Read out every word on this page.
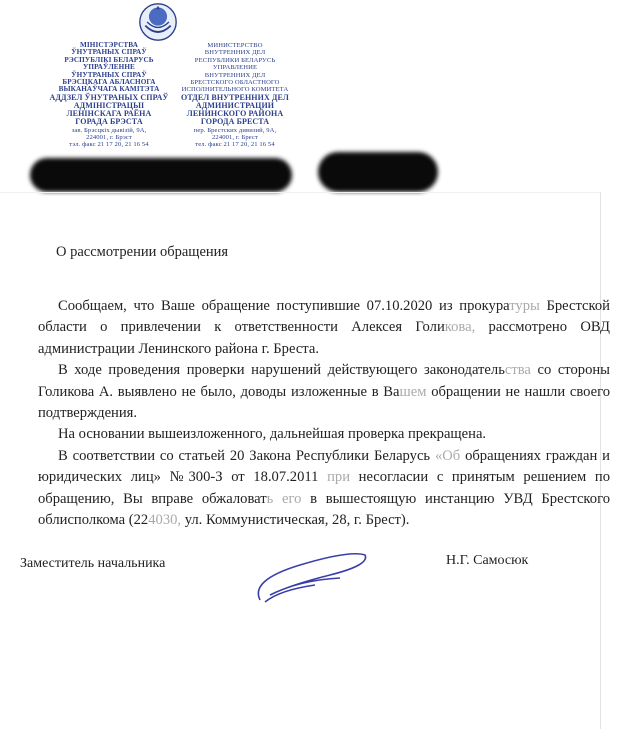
МІНІСТЭРСТВА
ЎНУТРАНЫХ СПРАЎ
РЭСПУБЛІКІ БЕЛАРУСЬ
УПРАЎЛЕННЕ
ЎНУТРАНЫХ СПРАЎ
БРЭСЦКАГА АБЛАСНОГА
ВЫКАНАЎЧАГА КАМІТЭТА
АДДЗЕЛ ЎНУТРАНЫХ СПРАЎ
АДМІНІСТРАЦЫІ
ЛЕНІНСКАГА РАЁНА
ГОРАДА БРЭСТА
зав. Брэсцкіх дывізій, 9А,
224001, г. Брэст
тэл. факс 21 17 20, 21 16 54
МИНИСТЕРСТВО
ВНУТРЕННИХ ДЕЛ
РЕСПУБЛИКИ БЕЛАРУСЬ
УПРАВЛЕНИЕ
ВНУТРЕННИХ ДЕЛ
БРЕСТСКОГО ОБЛАСТНОГО
ИСПОЛНИТЕЛЬНОГО КОМИТЕТА
ОТДЕЛ ВНУТРЕННИХ ДЕЛ
АДМИНИСТРАЦИИ
ЛЕНИНСКОГО РАЙОНА
ГОРОДА БРЕСТА
пер. Брестских дивизий, 9А,
224001, г. Брест
тел. факс 21 17 20, 21 16 54
О рассмотрении обращения

Сообщаем, что Ваше обращение поступившие 07.10.2020 из прокуратуры Брестской области о привлечении к ответственности Алексея Голикова, рассмотрено ОВД администрации Ленинского района г. Бреста.

В ходе проведения проверки нарушений действующего законодательства со стороны Голикова А. выявлено не было, доводы изложенные в Вашем обращении не нашли своего подтверждения.

На основании вышеизложенного, дальнейшая проверка прекращена.

В соответствии со статьей 20 Закона Республики Беларусь «Об обращениях граждан и юридических лиц» №300-З от 18.07.2011 при несогласии с принятым решением по обращению, Вы вправе обжаловать его в вышестоящую инстанцию УВД Брестского облисполкома (224030, ул. Коммунистическая, 28, г. Брест).

Заместитель начальника	Н.Г. Самосюк
